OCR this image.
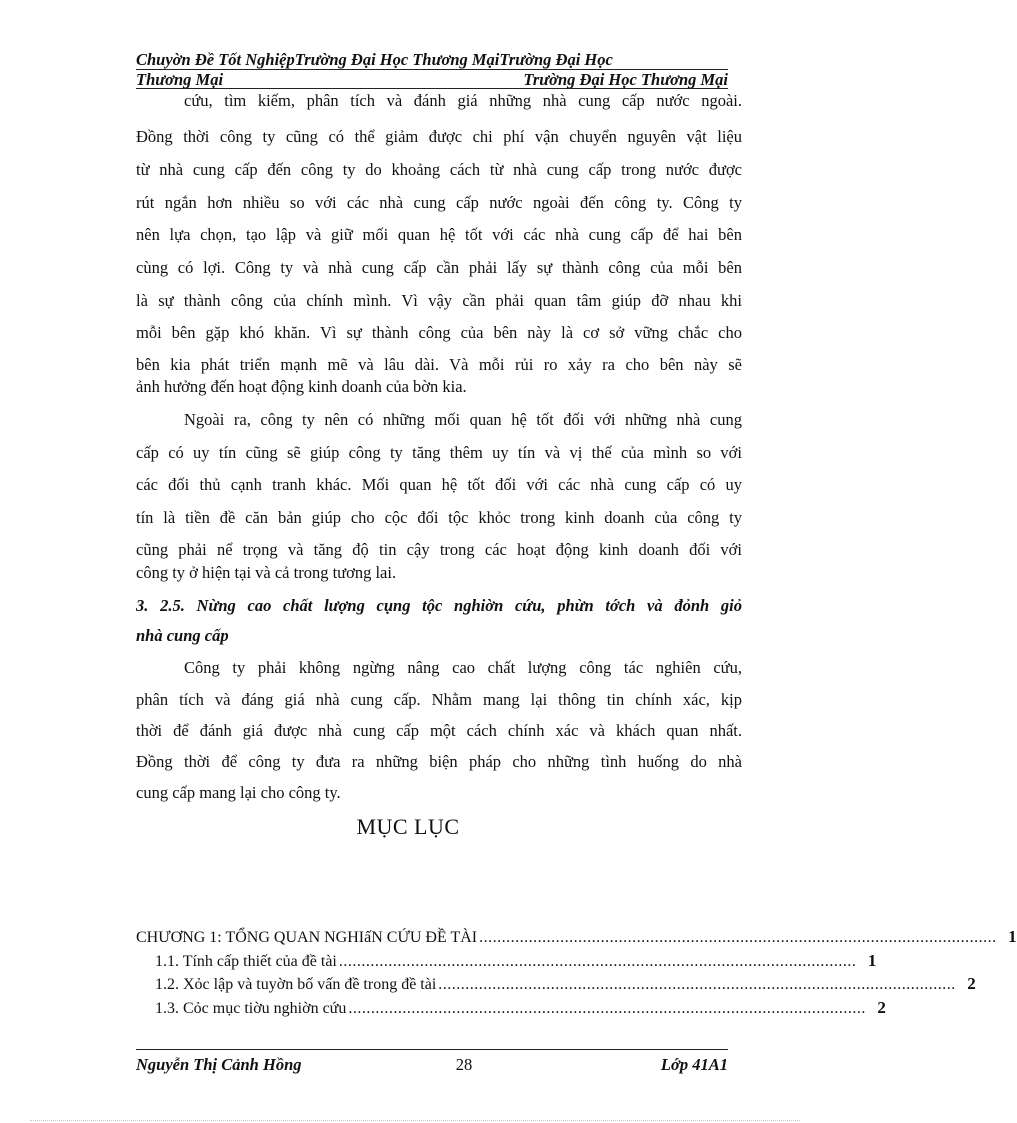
Chuyờn Đề Tốt NghiệpTrường Đại Học Thương MạiTrường Đại Học
Thương Mại	Trường Đại Học Thương Mại
cứu, tìm kiếm, phân tích và đánh giá những nhà cung cấp nước ngoài.
Đồng thời công ty cũng có thể giảm được chi phí vận chuyển nguyên vật liệu
từ nhà cung cấp đến công ty do khoảng cách từ nhà cung cấp trong nước được
rút ngắn hơn nhiều so với các nhà cung cấp nước ngoài đến công ty. Công ty
nên lựa chọn, tạo lập và giữ mối quan hệ tốt với các nhà cung cấp để hai bên
cùng có lợi. Công ty và nhà cung cấp cần phải lấy sự thành công của mỗi bên
là sự thành công của chính mình. Vì vậy cần phải quan tâm giúp đỡ nhau khi
mỗi bên gặp khó khăn. Vì sự thành công của bên này là cơ sở vững chắc cho
bên kia phát triển mạnh mẽ và lâu dài. Và mỗi rủi ro xảy ra cho bên này sẽ
ảnh hưởng đến hoạt động kinh doanh của bờn kia.
Ngoài ra, công ty nên có những mối quan hệ tốt đối với những nhà cung
cấp có uy tín cũng sẽ giúp công ty tăng thêm uy tín và vị thế của mình so với
các đối thủ cạnh tranh khác. Mối quan hệ tốt đối với các nhà cung cấp có uy
tín là tiền đề căn bản giúp cho cộc đối tộc khỏc trong kinh doanh của công ty
cũng phải nể trọng và tăng độ tin cậy trong các hoạt động kinh doanh đối với
công ty ở hiện tại và cả trong tương lai.
3. 2.5. Nừng cao chất lượng cụng tộc nghiờn cứu, phừn tớch và đỏnh giỏ
nhà cung cấp
Công ty phải không ngừng nâng cao chất lượng công tác nghiên cứu,
phân tích và đáng giá nhà cung cấp. Nhằm mang lại thông tin chính xác, kịp
thời để đánh giá được nhà cung cấp một cách chính xác và khách quan nhất.
Đồng thời để công ty đưa ra những biện pháp cho những tình huống do nhà
cung cấp mang lại cho công ty.
MỤC LỤC
CHƯƠNG 1: TỔNG QUAN NGHIấN CỨU ĐỀ TÀI ................................................................................................................... 1
1.1. Tính cấp thiết của đề tài ................................................................................................................... 1
1.2. Xỏc lập và tuyờn bố vấn đề trong đề tài ................................................................................................................... 2
1.3. Cỏc mục tiờu nghiờn cứu ................................................................................................................... 2
Nguyễn Thị Cảnh Hồng	28	Lớp 41A1
